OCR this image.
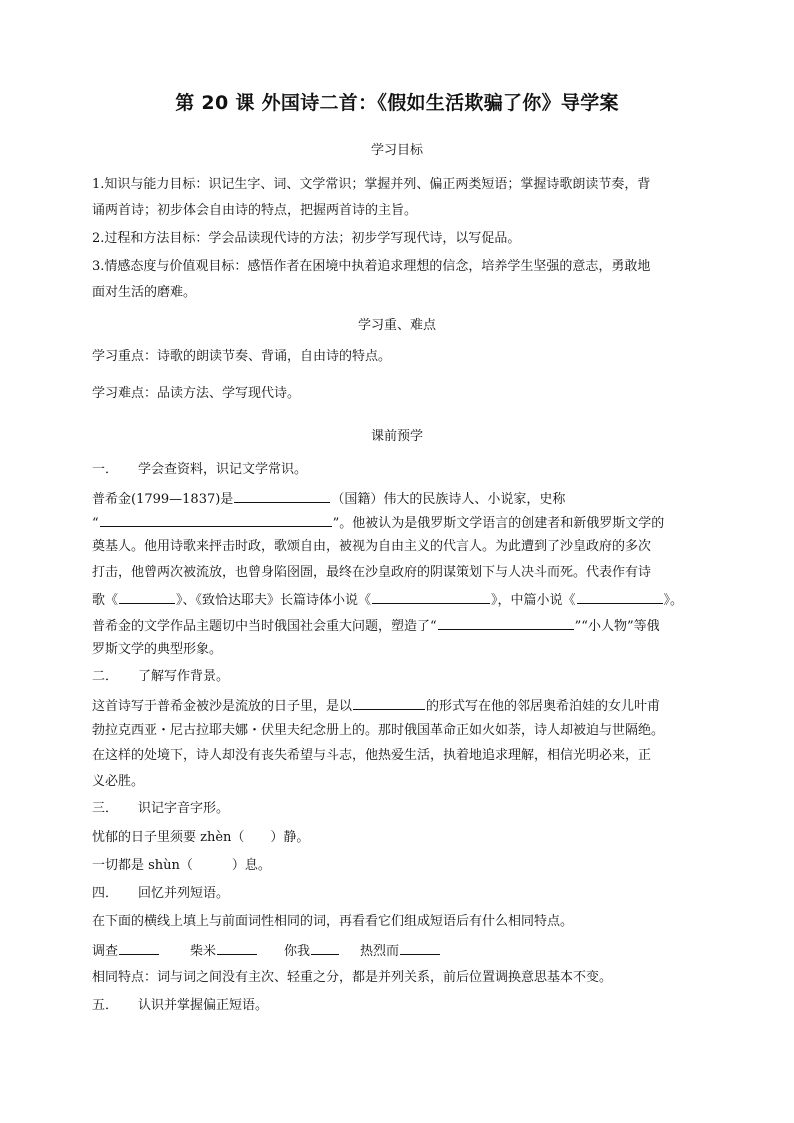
第 20 课 外国诗二首：《假如生活欺骗了你》导学案
学习目标
1.知识与能力目标：识记生字、词、文学常识；掌握并列、偏正两类短语；掌握诗歌朗读节奏，背
诵两首诗；初步体会自由诗的特点，把握两首诗的主旨。
2.过程和方法目标：学会品读现代诗的方法；初步学写现代诗，以写促品。
3.情感态度与价值观目标：感悟作者在困境中执着追求理想的信念，培养学生坚强的意志，勇敢地
面对生活的磨难。
学习重、难点
学习重点：诗歌的朗读节奏、背诵，自由诗的特点。
学习难点：品读方法、学写现代诗。
课前预学
一． 学会查资料，识记文学常识。
普希金(1799—1837)是	（国籍）伟大的民族诗人、小说家，史称
“	”。他被认为是俄罗斯文学语言的创建者和新俄罗斯文学的
奠基人。他用诗歌来抨击时政，歌颂自由，被视为自由主义的代言人。为此遭到了沙皇政府的多次
打击，他曾两次被流放，也曾身陷囹圄，最终在沙皇政府的阴谋策划下与人决斗而死。代表作有诗
歌《	》、《致恰达耶夫》长篇诗体小说《	》，中篇小说《	》。
普希金的文学作品主题切中当时俄国社会重大问题，塑造了“	”“小人物”等俄
罗斯文学的典型形象。
二． 了解写作背景。
这首诗写于普希金被沙是流放的日子里，是以	的形式写在他的邻居奥希泊娃的女儿叶甫
勃拉克西亚・尼古拉耶夫娜・伏里夫纪念册上的。那时俄国革命正如火如荼，诗人却被迫与世隔绝。
在这样的处境下，诗人却没有丧失希望与斗志，他热爱生活，执着地追求理解，相信光明必来，正
义必胜。
三． 识记字音字形。
忧郁的日子里须要 zhèn（　　）静。
一切都是 shùn（　　　）息。
四． 回忆并列短语。
在下面的横线上填上与前面词性相同的词，再看看它们组成短语后有什么相同特点。
调查	柴米	你我	热烈而
相同特点：词与词之间没有主次、轻重之分，都是并列关系，前后位置调换意思基本不变。
五． 认识并掌握偏正短语。
